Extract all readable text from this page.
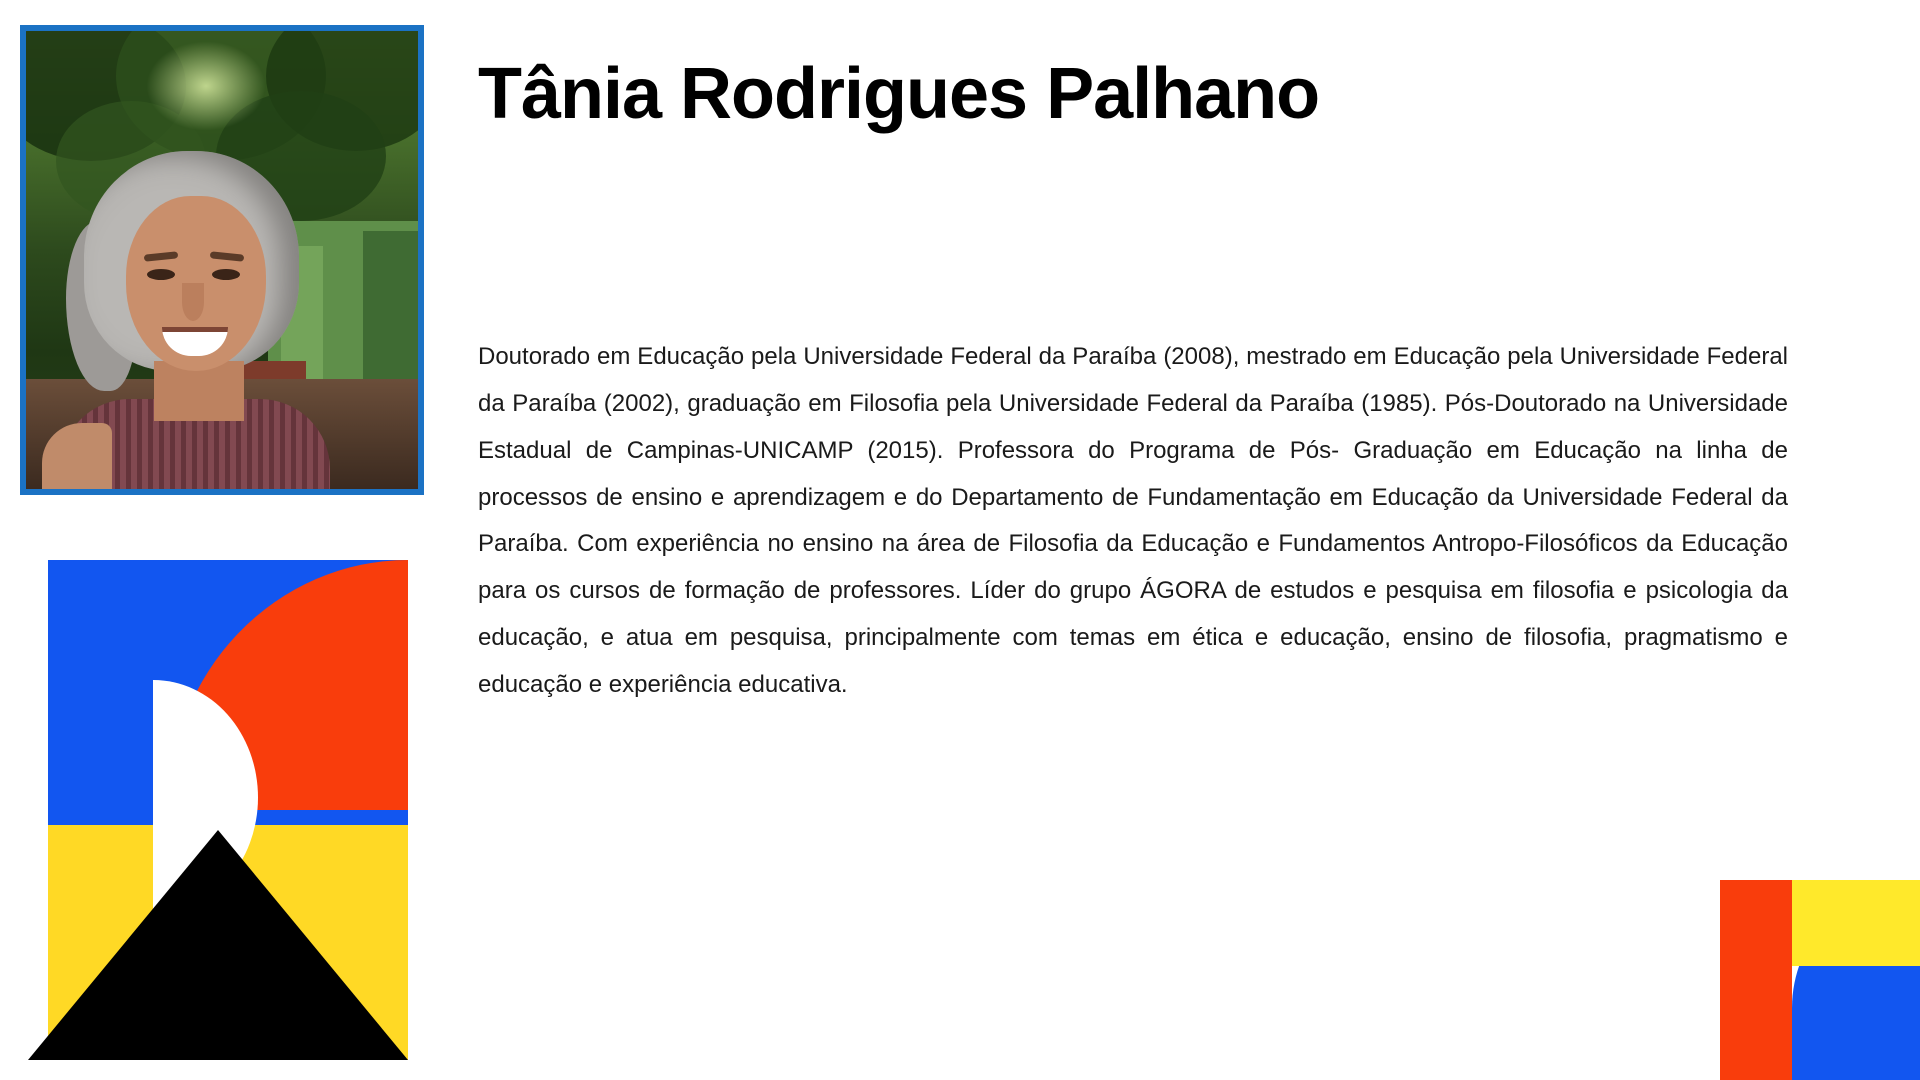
Tânia Rodrigues Palhano

Doutorado em Educação pela Universidade Federal da Paraíba (2008), mestrado em Educação pela Universidade Federal da Paraíba (2002), graduação em Filosofia pela Universidade Federal da Paraíba (1985). Pós-Doutorado na Universidade Estadual de Campinas-UNICAMP (2015). Professora do Programa de Pós- Graduação em Educação na linha de processos de ensino e aprendizagem e do Departamento de Fundamentação em Educação da Universidade Federal da Paraíba. Com experiência no ensino na área de Filosofia da Educação e Fundamentos Antropo-Filosóficos da Educação para os cursos de formação de professores. Líder do grupo ÁGORA de estudos e pesquisa em filosofia e psicologia da educação, e atua em pesquisa, principalmente com temas em ética e educação, ensino de filosofia, pragmatismo e educação e experiência educativa.
